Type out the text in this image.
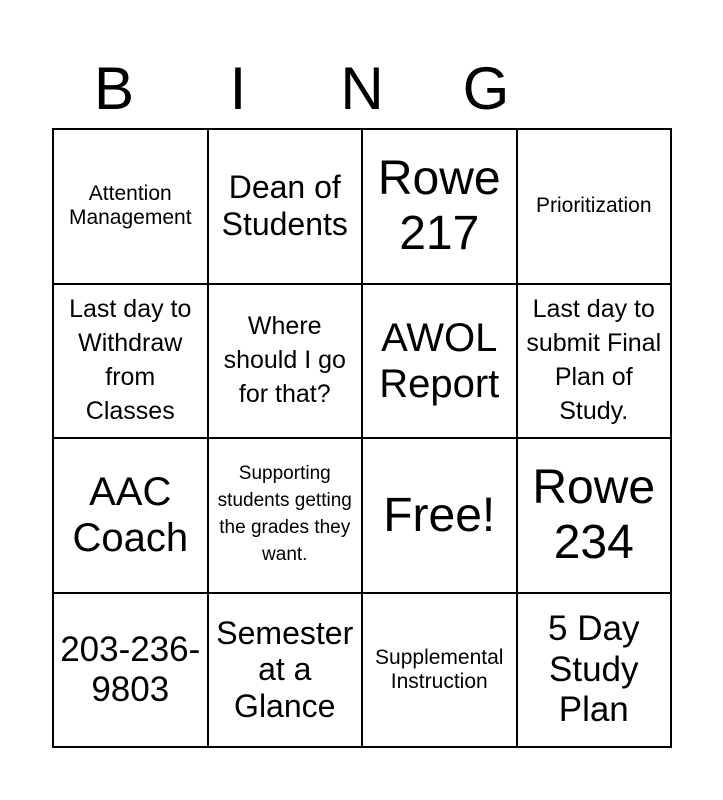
B	I	N	G
Attention Management
Dean of Students
Rowe 217
Prioritization
Last day to Withdraw from Classes
Where should I go for that?
AWOL Report
Last day to submit Final Plan of Study.
AAC Coach
Supporting students getting the grades they want.
Free!
Rowe 234
203-236-9803
Semester at a Glance
Supplemental Instruction
5 Day Study Plan
